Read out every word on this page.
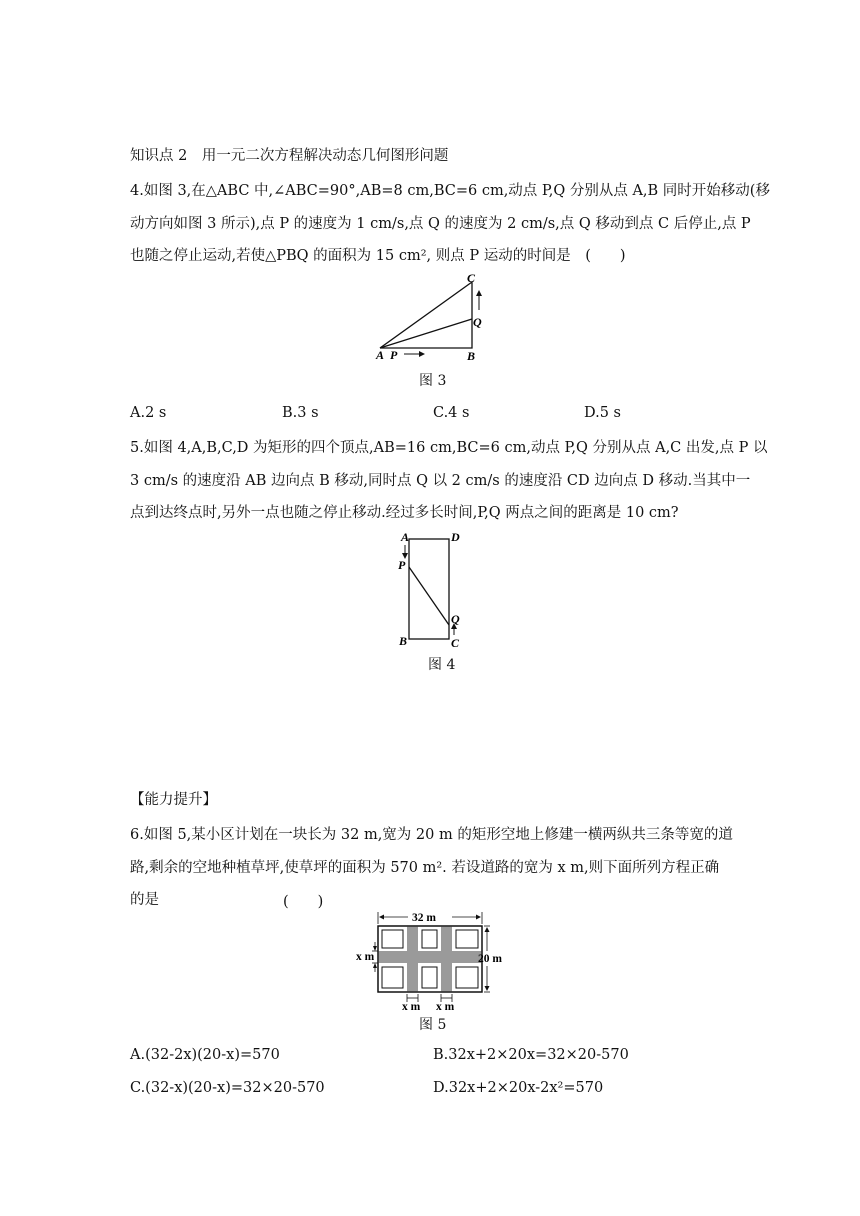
知识点 2　用一元二次方程解决动态几何图形问题
4.如图 3,在△ABC 中,∠ABC=90°,AB=8 cm,BC=6 cm,动点 P,Q 分别从点 A,B 同时开始移动(移
动方向如图 3 所示),点 P 的速度为 1 cm/s,点 Q 的速度为 2 cm/s,点 Q 移动到点 C 后停止,点 P
也随之停止运动,若使△PBQ 的面积为 15 cm², 则点 P 运动的时间是　(　　)
A P	B
C
Q
图 3
A.2 s	B.3 s	C.4 s	D.5 s
5.如图 4,A,B,C,D 为矩形的四个顶点,AB=16 cm,BC=6 cm,动点 P,Q 分别从点 A,C 出发,点 P 以
3 cm/s 的速度沿 AB 边向点 B 移动,同时点 Q 以 2 cm/s 的速度沿 CD 边向点 D 移动.当其中一
点到达终点时,另外一点也随之停止移动.经过多长时间,P,Q 两点之间的距离是 10 cm?
A	D
P
Q
B	C
图 4
【能力提升】
6.如图 5,某小区计划在一块长为 32 m,宽为 20 m 的矩形空地上修建一横两纵共三条等宽的道
路,剩余的空地种植草坪,使草坪的面积为 570 m². 若设道路的宽为 x m,则下面所列方程正确
的是	(　　)
32 m
20 m
x m
x m x m
图 5
A.(32-2x)(20-x)=570	B.32x+2×20x=32×20-570
C.(32-x)(20-x)=32×20-570	D.32x+2×20x-2x²=570
